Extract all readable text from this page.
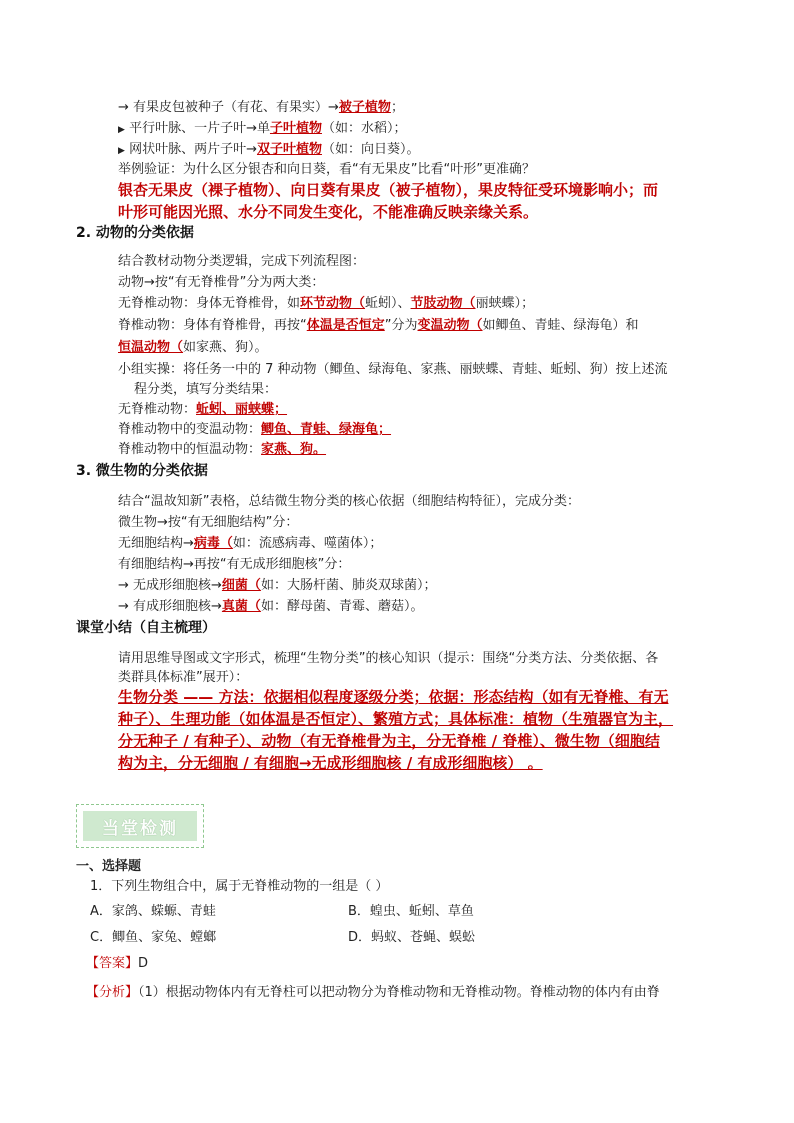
→ 有果皮包被种子（有花、有果实）→被子植物；
▶ 平行叶脉、一片子叶→单子叶植物（如：水稻）；
▶ 网状叶脉、两片子叶→双子叶植物（如：向日葵）。
举例验证：为什么区分银杏和向日葵，看“有无果皮”比看“叶形”更准确？
银杏无果皮（裸子植物）、向日葵有果皮（被子植物），果皮特征受环境影响小；而
叶形可能因光照、水分不同发生变化，不能准确反映亲缘关系。
2. 动物的分类依据
结合教材动物分类逻辑，完成下列流程图：
动物→按“有无脊椎骨”分为两大类：
无脊椎动物：身体无脊椎骨，如环节动物（蚯蚓）、节肢动物（丽蛱蝶）；
脊椎动物：身体有脊椎骨，再按“体温是否恒定”分为变温动物（如鲫鱼、青蛙、绿海龟）和
恒温动物（如家燕、狗）。
小组实操：将任务一中的 7 种动物（鲫鱼、绿海龟、家燕、丽蛱蝶、青蛙、蚯蚓、狗）按上述流
程分类，填写分类结果：
无脊椎动物：蚯蚓、丽蛱蝶；
脊椎动物中的变温动物：鲫鱼、青蛙、绿海龟；
脊椎动物中的恒温动物：家燕、狗。
3. 微生物的分类依据
结合“温故知新”表格，总结微生物分类的核心依据（细胞结构特征），完成分类：
微生物→按“有无细胞结构”分：
无细胞结构→病毒（如：流感病毒、噬菌体）；
有细胞结构→再按“有无成形细胞核”分：
→ 无成形细胞核→细菌（如：大肠杆菌、肺炎双球菌）；
→ 有成形细胞核→真菌（如：酵母菌、青霉、蘑菇）。
课堂小结（自主梳理）
请用思维导图或文字形式，梳理“生物分类”的核心知识（提示：围绕“分类方法、分类依据、各
类群具体标准”展开）：
生物分类 —— 方法：依据相似程度逐级分类；依据：形态结构（如有无脊椎、有无
种子）、生理功能（如体温是否恒定）、繁殖方式；具体标准：植物（生殖器官为主，
分无种子 / 有种子）、动物（有无脊椎骨为主，分无脊椎 / 脊椎）、微生物（细胞结
构为主，分无细胞 / 有细胞→无成形细胞核 / 有成形细胞核） 。
当堂检测
一、选择题
1．下列生物组合中，属于无脊椎动物的一组是（ ）
A．家鸽、蝾螈、青蛙	B．蝗虫、蚯蚓、草鱼
C．鲫鱼、家兔、螳螂	D．蚂蚁、苍蝇、蜈蚣
【答案】D
【分析】（1）根据动物体内有无脊柱可以把动物分为脊椎动物和无脊椎动物。脊椎动物的体内有由脊
